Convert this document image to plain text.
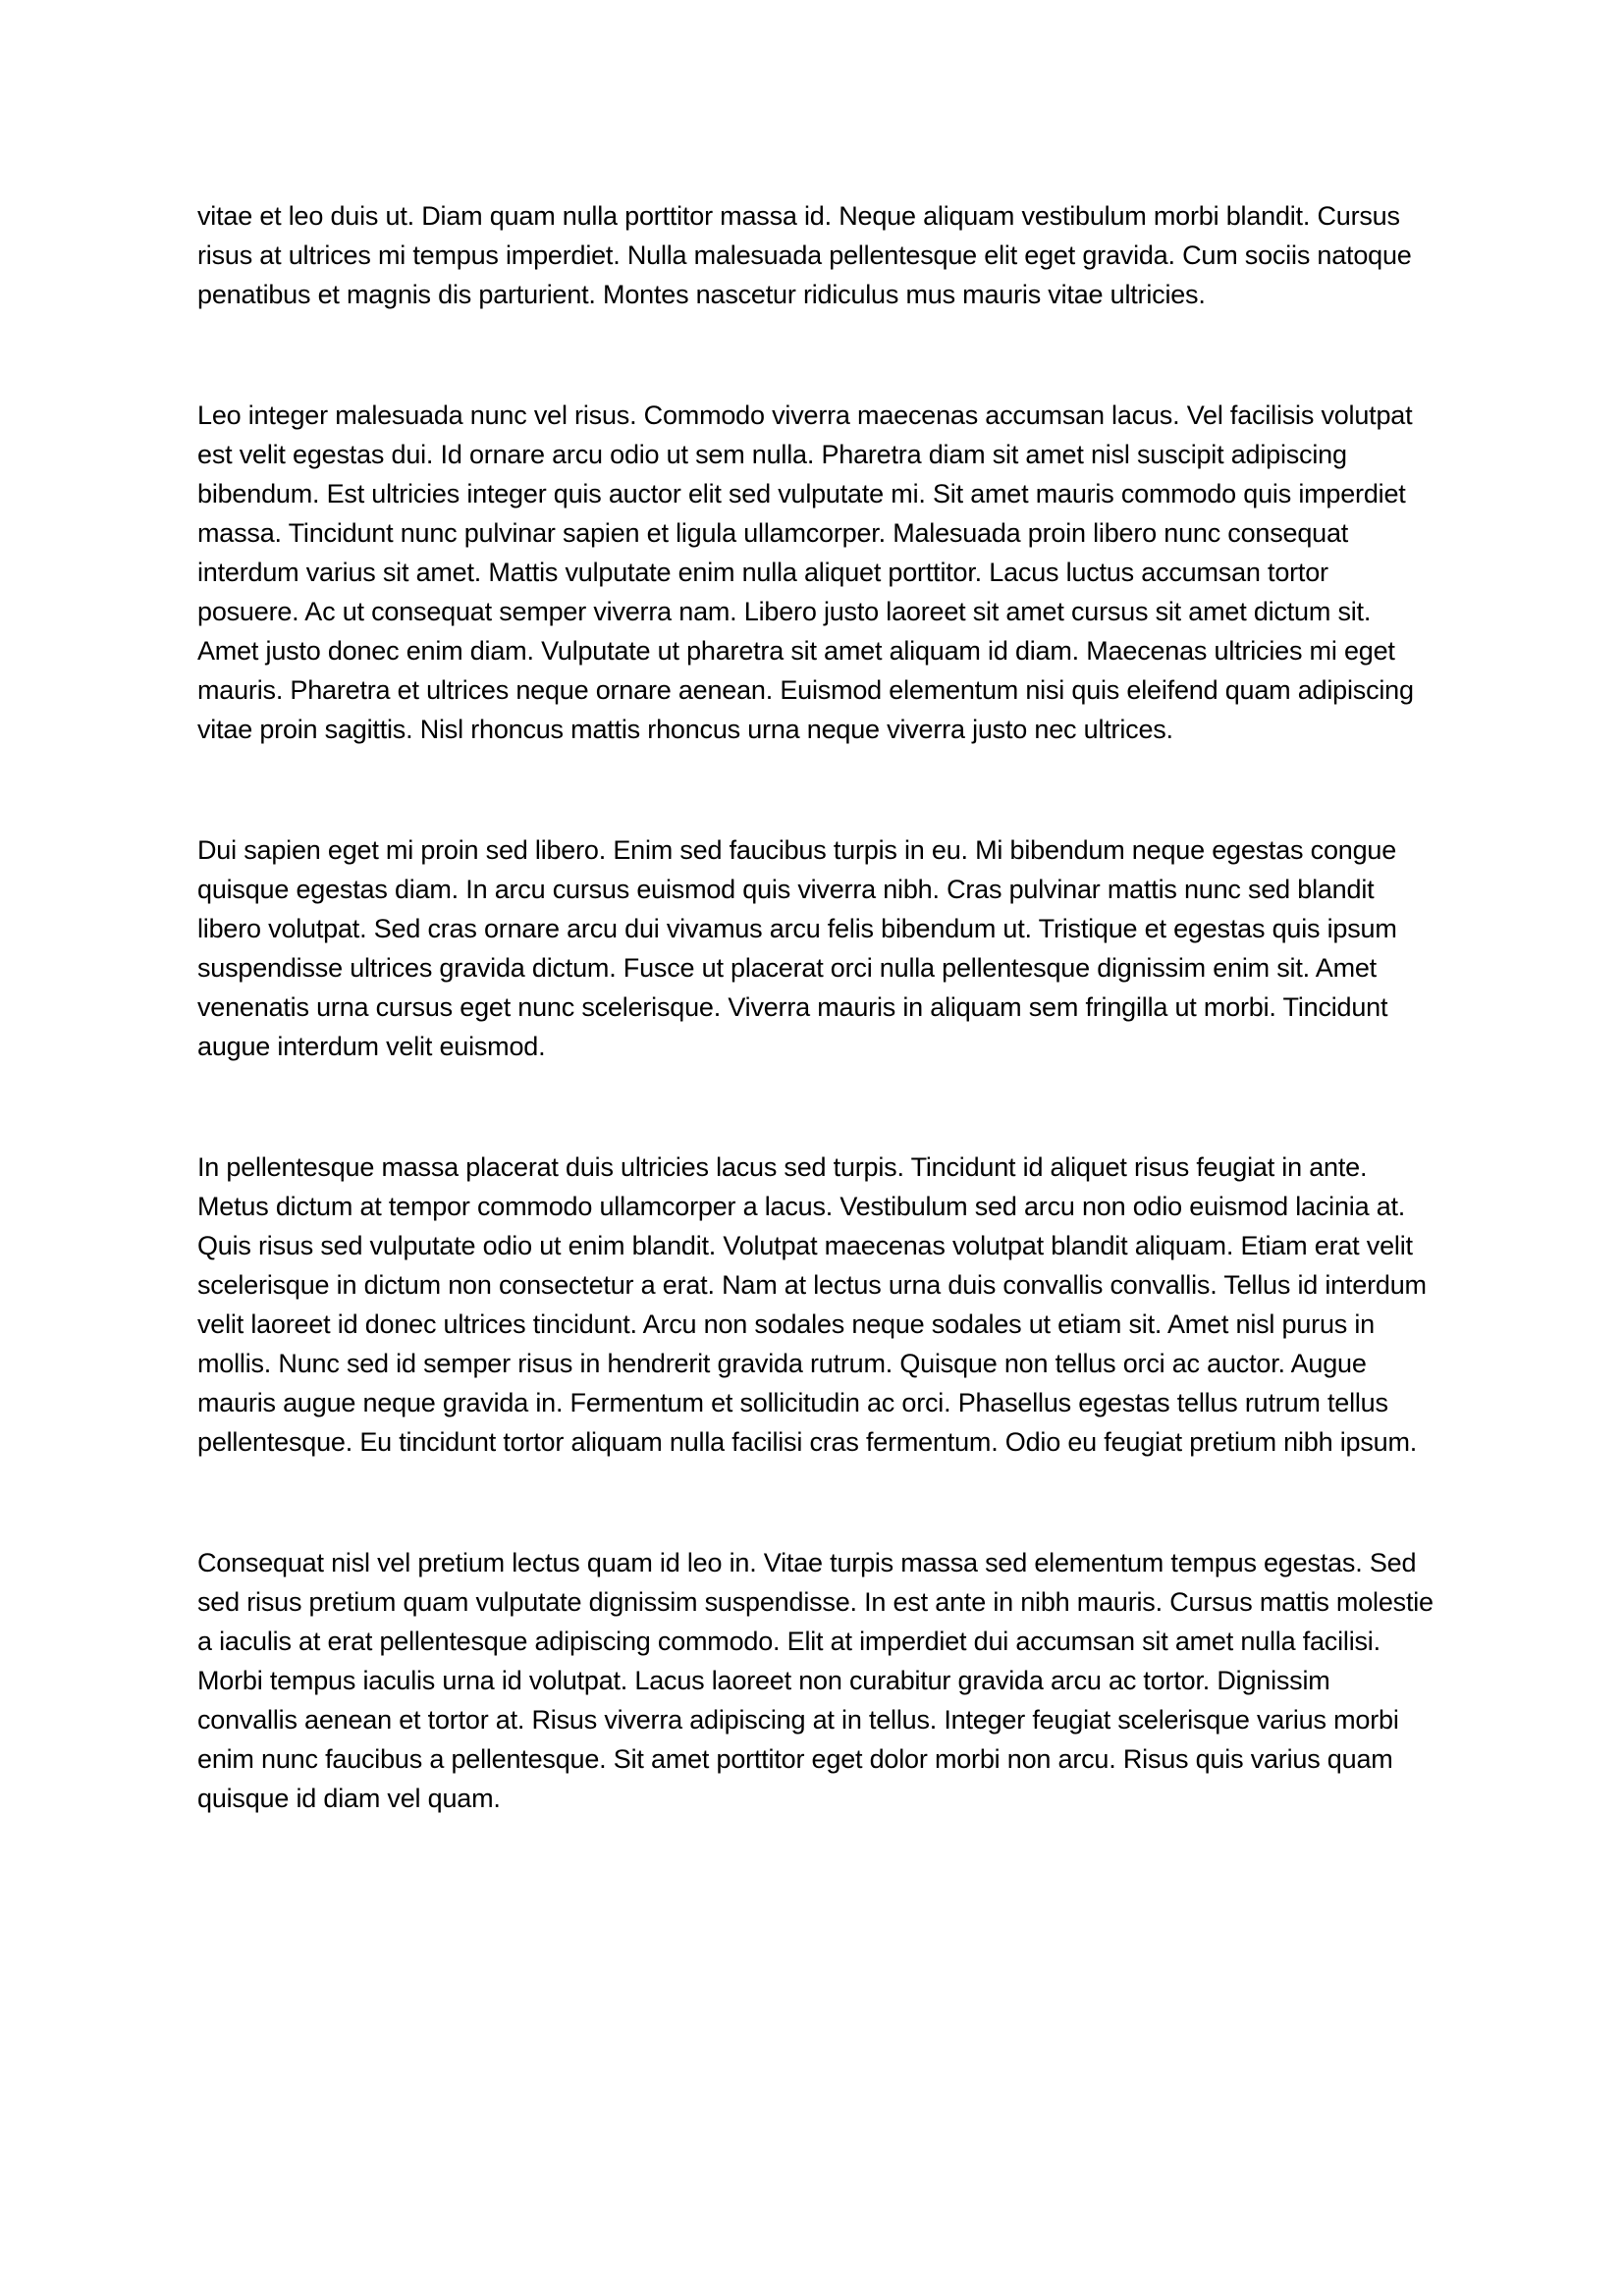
vitae et leo duis ut. Diam quam nulla porttitor massa id. Neque aliquam vestibulum morbi blandit. Cursus risus at ultrices mi tempus imperdiet. Nulla malesuada pellentesque elit eget gravida. Cum sociis natoque penatibus et magnis dis parturient. Montes nascetur ridiculus mus mauris vitae ultricies.

Leo integer malesuada nunc vel risus. Commodo viverra maecenas accumsan lacus. Vel facilisis volutpat est velit egestas dui. Id ornare arcu odio ut sem nulla. Pharetra diam sit amet nisl suscipit adipiscing bibendum. Est ultricies integer quis auctor elit sed vulputate mi. Sit amet mauris commodo quis imperdiet massa. Tincidunt nunc pulvinar sapien et ligula ullamcorper. Malesuada proin libero nunc consequat interdum varius sit amet. Mattis vulputate enim nulla aliquet porttitor. Lacus luctus accumsan tortor posuere. Ac ut consequat semper viverra nam. Libero justo laoreet sit amet cursus sit amet dictum sit. Amet justo donec enim diam. Vulputate ut pharetra sit amet aliquam id diam. Maecenas ultricies mi eget mauris. Pharetra et ultrices neque ornare aenean. Euismod elementum nisi quis eleifend quam adipiscing vitae proin sagittis. Nisl rhoncus mattis rhoncus urna neque viverra justo nec ultrices.

Dui sapien eget mi proin sed libero. Enim sed faucibus turpis in eu. Mi bibendum neque egestas congue quisque egestas diam. In arcu cursus euismod quis viverra nibh. Cras pulvinar mattis nunc sed blandit libero volutpat. Sed cras ornare arcu dui vivamus arcu felis bibendum ut. Tristique et egestas quis ipsum suspendisse ultrices gravida dictum. Fusce ut placerat orci nulla pellentesque dignissim enim sit. Amet venenatis urna cursus eget nunc scelerisque. Viverra mauris in aliquam sem fringilla ut morbi. Tincidunt augue interdum velit euismod.

In pellentesque massa placerat duis ultricies lacus sed turpis. Tincidunt id aliquet risus feugiat in ante. Metus dictum at tempor commodo ullamcorper a lacus. Vestibulum sed arcu non odio euismod lacinia at. Quis risus sed vulputate odio ut enim blandit. Volutpat maecenas volutpat blandit aliquam. Etiam erat velit scelerisque in dictum non consectetur a erat. Nam at lectus urna duis convallis convallis. Tellus id interdum velit laoreet id donec ultrices tincidunt. Arcu non sodales neque sodales ut etiam sit. Amet nisl purus in mollis. Nunc sed id semper risus in hendrerit gravida rutrum. Quisque non tellus orci ac auctor. Augue mauris augue neque gravida in. Fermentum et sollicitudin ac orci. Phasellus egestas tellus rutrum tellus pellentesque. Eu tincidunt tortor aliquam nulla facilisi cras fermentum. Odio eu feugiat pretium nibh ipsum.

Consequat nisl vel pretium lectus quam id leo in. Vitae turpis massa sed elementum tempus egestas. Sed sed risus pretium quam vulputate dignissim suspendisse. In est ante in nibh mauris. Cursus mattis molestie a iaculis at erat pellentesque adipiscing commodo. Elit at imperdiet dui accumsan sit amet nulla facilisi. Morbi tempus iaculis urna id volutpat. Lacus laoreet non curabitur gravida arcu ac tortor. Dignissim convallis aenean et tortor at. Risus viverra adipiscing at in tellus. Integer feugiat scelerisque varius morbi enim nunc faucibus a pellentesque. Sit amet porttitor eget dolor morbi non arcu. Risus quis varius quam quisque id diam vel quam.
